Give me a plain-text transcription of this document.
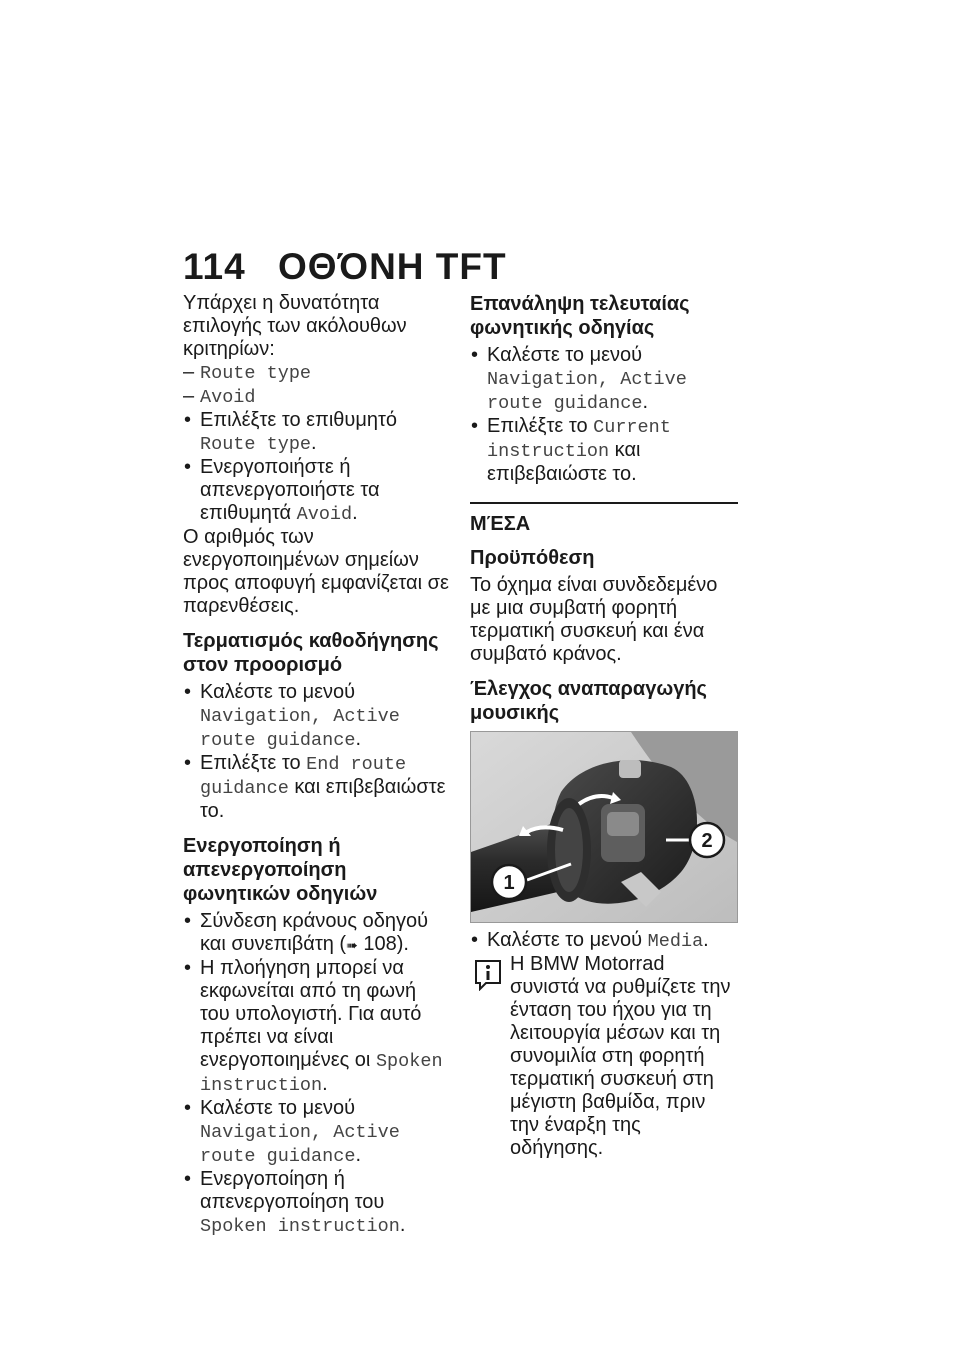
114 ΟΘΌΝΗ TFT

Υπάρχει η δυνατότητα επιλογής των ακόλουθων κριτηρίων:

– Route type

– Avoid

• Επιλέξτε το επιθυμητό Route type.

• Ενεργοποιήστε ή απενεργοποιήστε τα επιθυμητά Avoid.

Ο αριθμός των ενεργοποιημένων σημείων προς αποφυγή εμφανίζεται σε παρενθέσεις.

Τερματισμός καθοδήγησης στον προορισμό

• Καλέστε το μενού Navigation, Active route guidance.

• Επιλέξτε το End route guidance και επιβεβαιώστε το.

Ενεργοποίηση ή απενεργοποίηση φωνητικών οδηγιών

• Σύνδεση κράνους οδηγού και συνεπιβάτη (➠ 108).

• Η πλοήγηση μπορεί να εκφωνείται από τη φωνή του υπολογιστή. Για αυτό πρέπει να είναι ενεργοποιημένες οι Spoken instruction.

• Καλέστε το μενού Navigation, Active route guidance.

• Ενεργοποίηση ή απενεργοποίηση του Spoken instruction.

Επανάληψη τελευταίας φωνητικής οδηγίας

• Καλέστε το μενού Navigation, Active route guidance.

• Επιλέξτε το Current instruction και επιβεβαιώστε το.

ΜΈΣΑ

Προϋπόθεση

Το όχημα είναι συνδεδεμένο με μια συμβατή φορητή τερματική συσκευή και ένα συμβατό κράνος.

Έλεγχος αναπαραγωγής μουσικής

1
2

• Καλέστε το μενού Media.

Η BMW Motorrad συνιστά να ρυθμίζετε την ένταση του ήχου για τη λειτουργία μέσων και τη συνομιλία στη φορητή τερματική συσκευή στη μέγιστη βαθμίδα, πριν την έναρξη της οδήγησης.
